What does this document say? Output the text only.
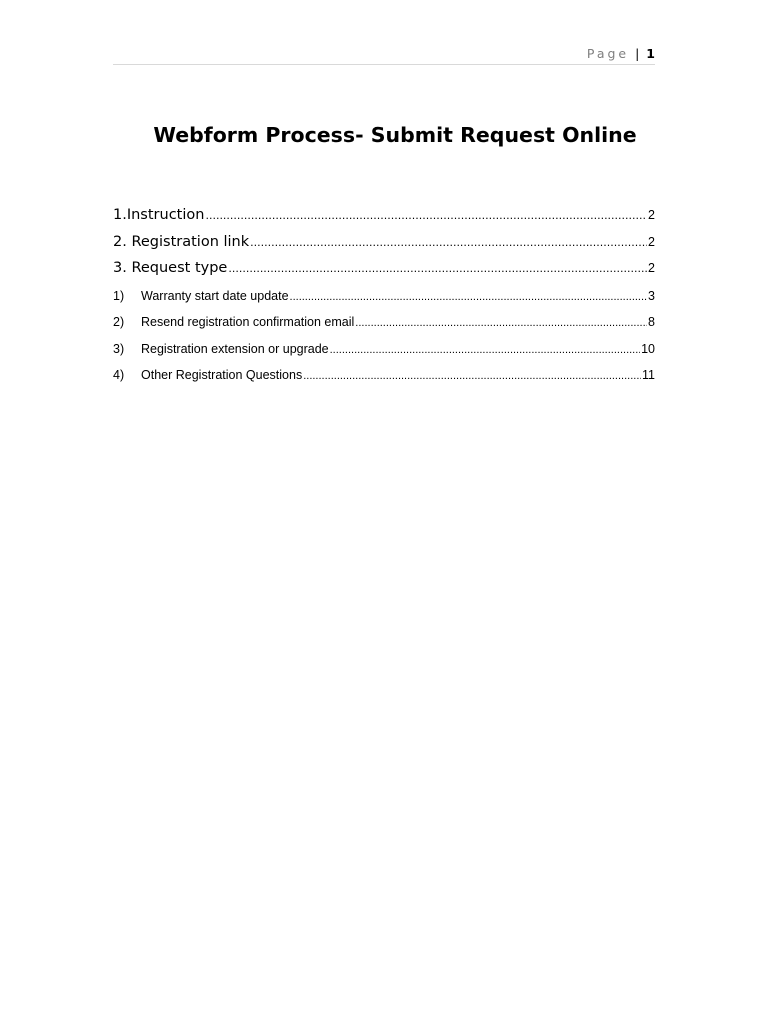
Page | 1
Webform Process- Submit Request Online
1.Instruction .....	2
2. Registration link .....	2
3. Request type .....	2
1)	Warranty start date update .....	3
2)	Resend registration confirmation email .....	8
3)	Registration extension or upgrade .....	10
4)	Other Registration Questions .....	11
